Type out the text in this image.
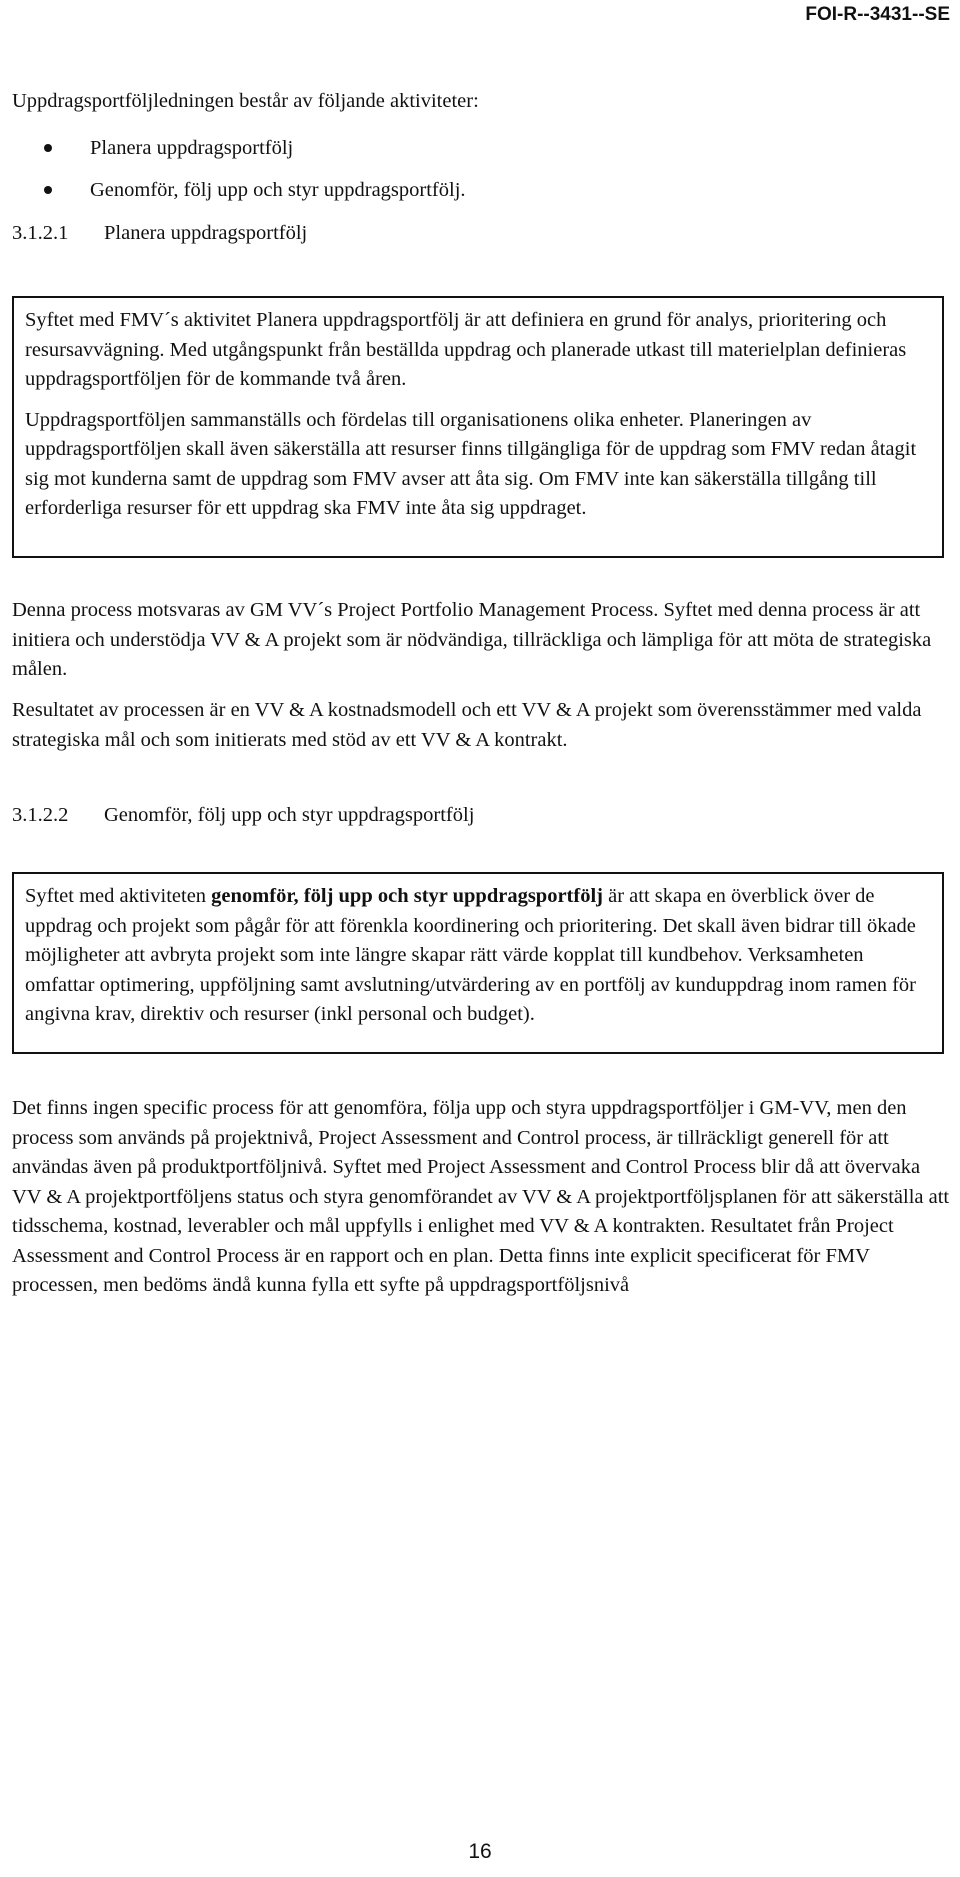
FOI-R--3431--SE

Uppdragsportföljledningen består av följande aktiviteter:

Planera uppdragsportfölj
Genomför, följ upp och styr uppdragsportfölj.
3.1.2.1 Planera uppdragsportfölj

Syftet med FMV´s aktivitet Planera uppdragsportfölj är att definiera en grund för analys, prioritering och resursavvägning. Med utgångspunkt från beställda uppdrag och planerade utkast till materielplan definieras uppdragsportföljen för de kommande två åren.

Uppdragsportföljen sammanställs och fördelas till organisationens olika enheter. Planeringen av uppdragsportföljen skall även säkerställa att resurser finns tillgängliga för de uppdrag som FMV redan åtagit sig mot kunderna samt de uppdrag som FMV avser att åta sig. Om FMV inte kan säkerställa tillgång till erforderliga resurser för ett uppdrag ska FMV inte åta sig uppdraget.

Denna process motsvaras av GM VV´s Project Portfolio Management Process. Syftet med denna process är att initiera och understödja VV & A projekt som är nödvändiga, tillräckliga och lämpliga för att möta de strategiska målen.

Resultatet av processen är en VV & A kostnadsmodell och ett VV & A projekt som överensstämmer med valda strategiska mål och som initierats med stöd av ett VV & A kontrakt.

3.1.2.2 Genomför, följ upp och styr uppdragsportfölj

Syftet med aktiviteten genomför, följ upp och styr uppdragsportfölj är att skapa en överblick över de uppdrag och projekt som pågår för att förenkla koordinering och prioritering. Det skall även bidrar till ökade möjligheter att avbryta projekt som inte längre skapar rätt värde kopplat till kundbehov. Verksamheten omfattar optimering, uppföljning samt avslutning/utvärdering av en portfölj av kunduppdrag inom ramen för angivna krav, direktiv och resurser (inkl personal och budget).

Det finns ingen specific process för att genomföra, följa upp och styra uppdragsportföljer i GM-VV, men den process som används på projektnivå, Project Assessment and Control process, är tillräckligt generell för att användas även på produktportföljnivå. Syftet med Project Assessment and Control Process blir då att övervaka VV & A projektportföljens status och styra genomförandet av VV & A projektportföljsplanen för att säkerställa att tidsschema, kostnad, leverabler och mål uppfylls i enlighet med VV & A kontrakten. Resultatet från Project Assessment and Control Process är en rapport och en plan. Detta finns inte explicit specificerat för FMV processen, men bedöms ändå kunna fylla ett syfte på uppdragsportföljsnivå

16
